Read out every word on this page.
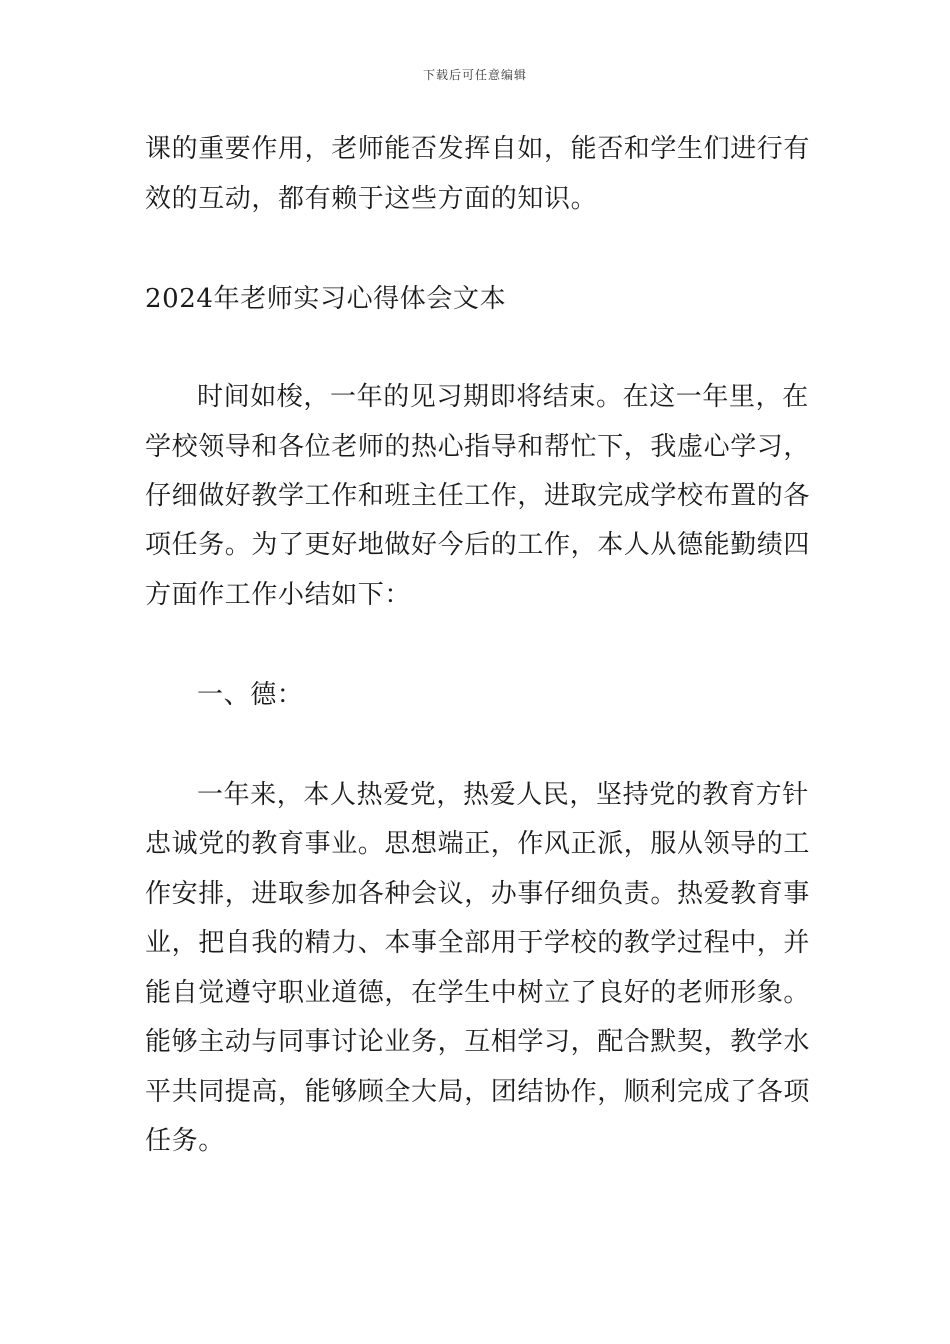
下载后可任意编辑
课的重要作用，老师能否发挥自如，能否和学生们进行有
效的互动，都有赖于这些方面的知识。
2024年老师实习心得体会文本
时间如梭，一年的见习期即将结束。在这一年里，在
学校领导和各位老师的热心指导和帮忙下，我虚心学习，
仔细做好教学工作和班主任工作，进取完成学校布置的各
项任务。为了更好地做好今后的工作，本人从德能勤绩四
方面作工作小结如下：
一、德：
一年来，本人热爱党，热爱人民，坚持党的教育方针
忠诚党的教育事业。思想端正，作风正派，服从领导的工
作安排，进取参加各种会议，办事仔细负责。热爱教育事
业，把自我的精力、本事全部用于学校的教学过程中，并
能自觉遵守职业道德，在学生中树立了良好的老师形象。
能够主动与同事讨论业务，互相学习，配合默契，教学水
平共同提高，能够顾全大局，团结协作，顺利完成了各项
任务。
